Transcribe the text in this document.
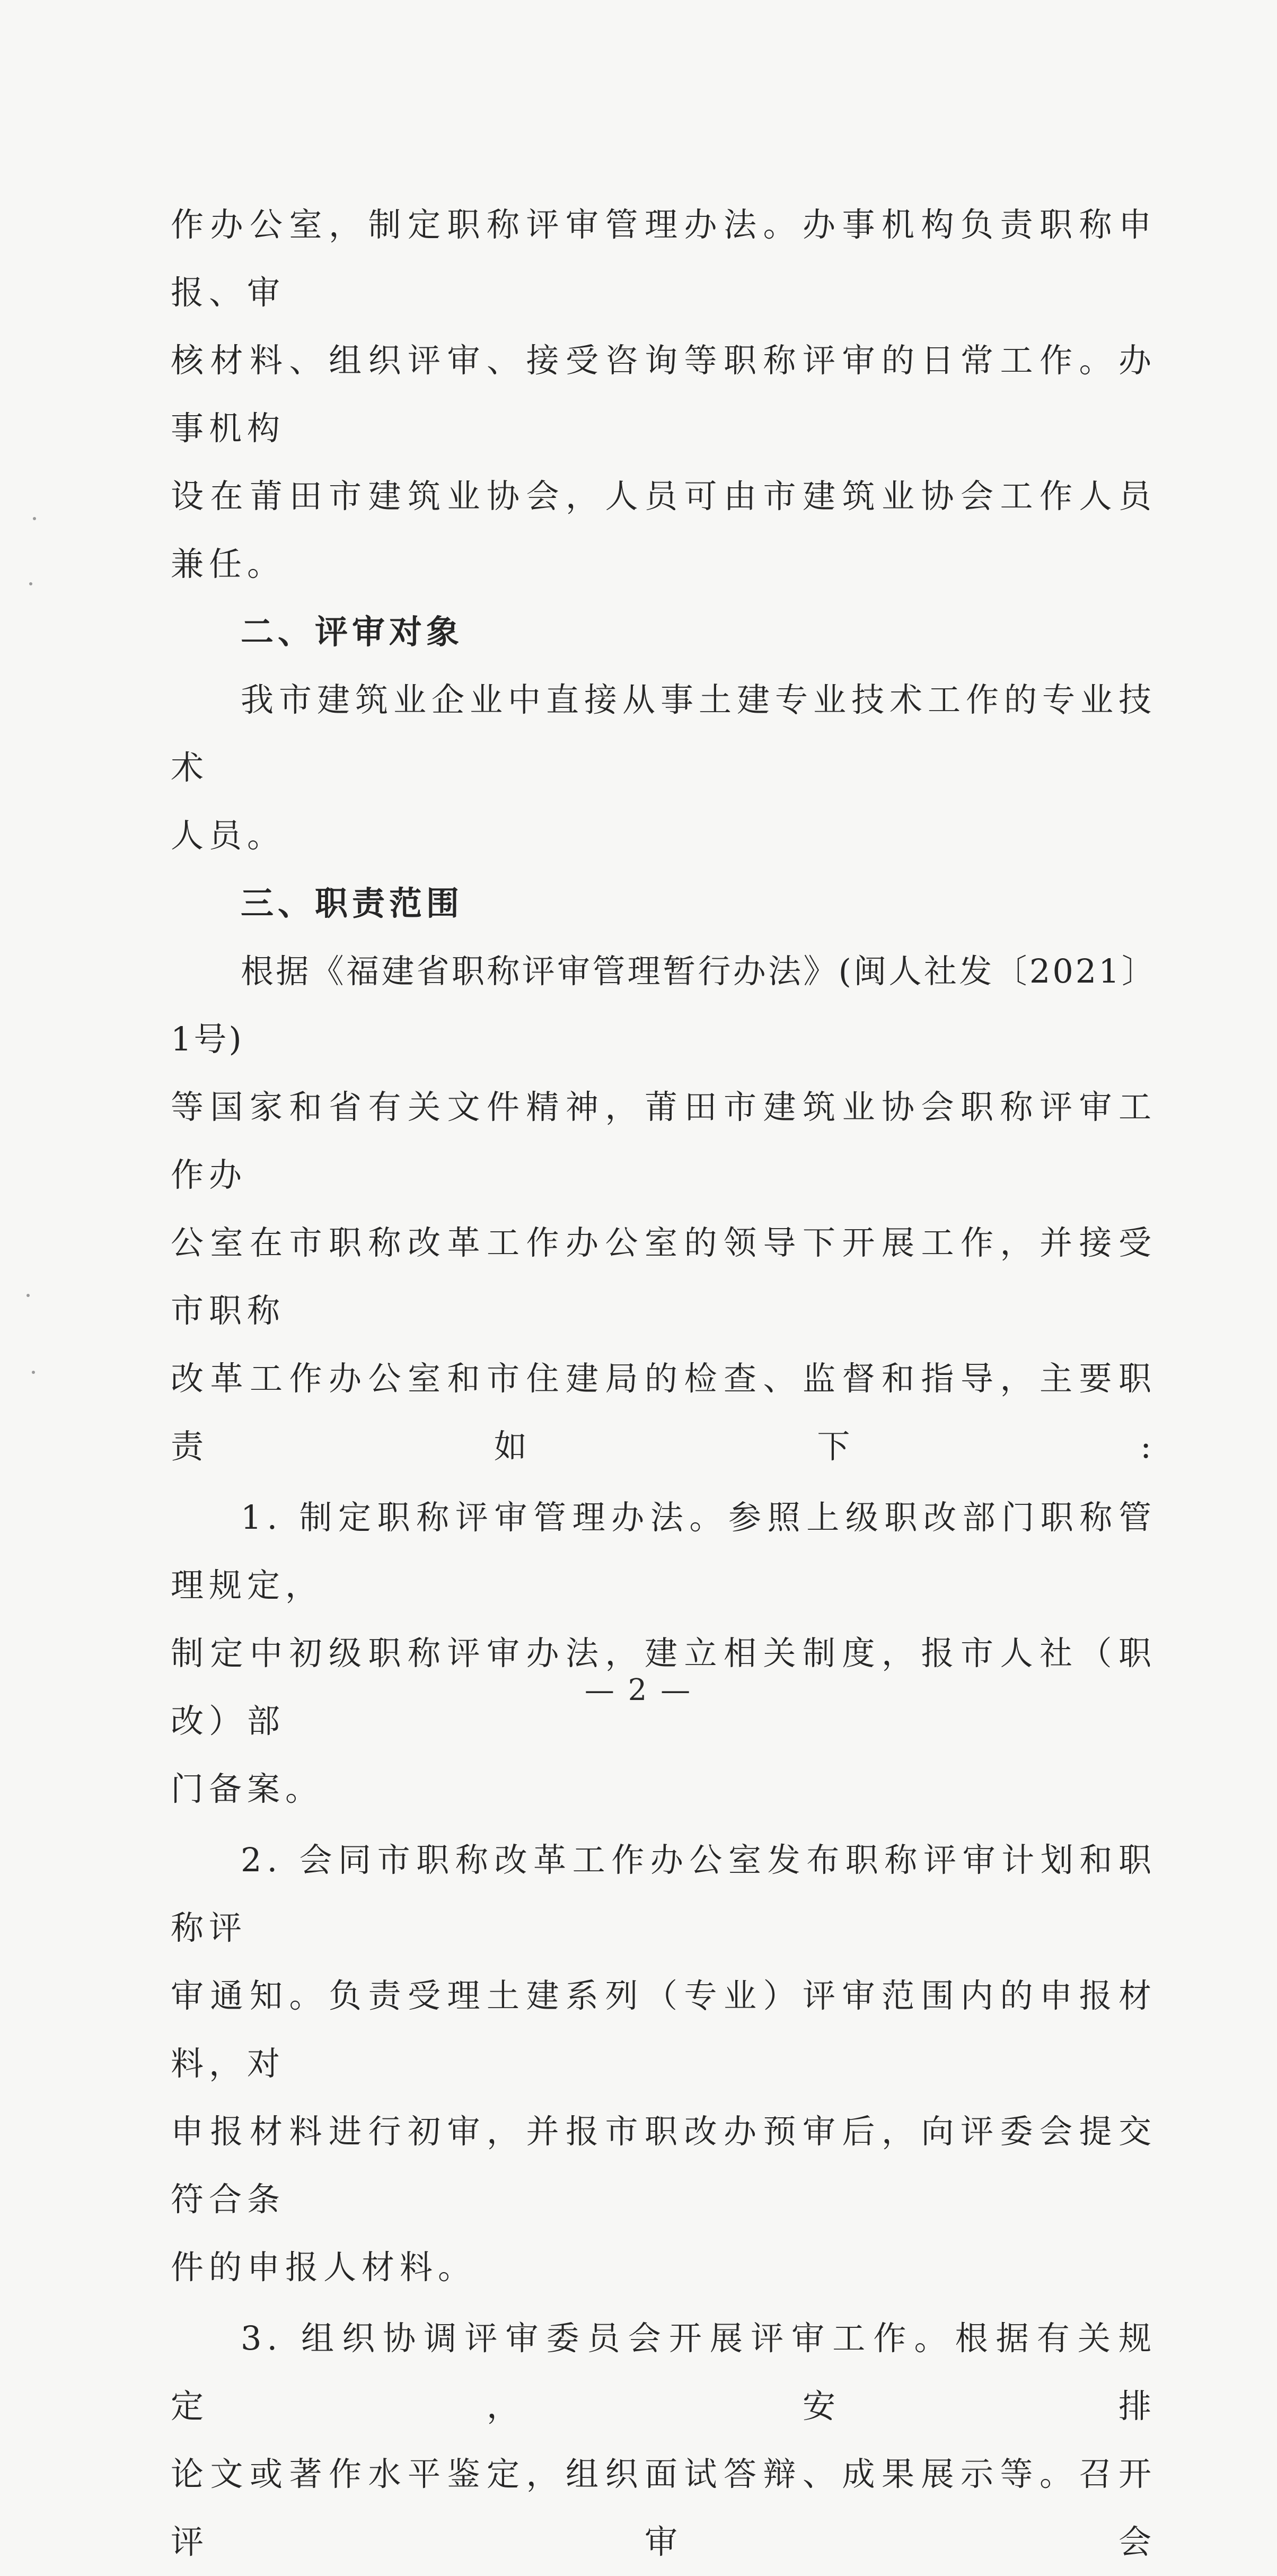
作办公室，制定职称评审管理办法。办事机构负责职称申报、审
核材料、组织评审、接受咨询等职称评审的日常工作。办事机构
设在莆田市建筑业协会，人员可由市建筑业协会工作人员兼任。
二、评审对象
我市建筑业企业中直接从事土建专业技术工作的专业技术
人员。
三、职责范围
根据《福建省职称评审管理暂行办法》(闽人社发〔2021〕1号)
等国家和省有关文件精神，莆田市建筑业协会职称评审工作办
公室在市职称改革工作办公室的领导下开展工作，并接受市职称
改革工作办公室和市住建局的检查、监督和指导，主要职责如下:
1. 制定职称评审管理办法。参照上级职改部门职称管理规定，
制定中初级职称评审办法，建立相关制度，报市人社（职改）部
门备案。
2. 会同市职称改革工作办公室发布职称评审计划和职称评
审通知。负责受理土建系列（专业）评审范围内的申报材料，对
申报材料进行初审，并报市职改办预审后，向评委会提交符合条
件的申报人材料。
3. 组织协调评审委员会开展评审工作。根据有关规定，安排
论文或著作水平鉴定，组织面试答辩、成果展示等。召开评审会
— 2 —
